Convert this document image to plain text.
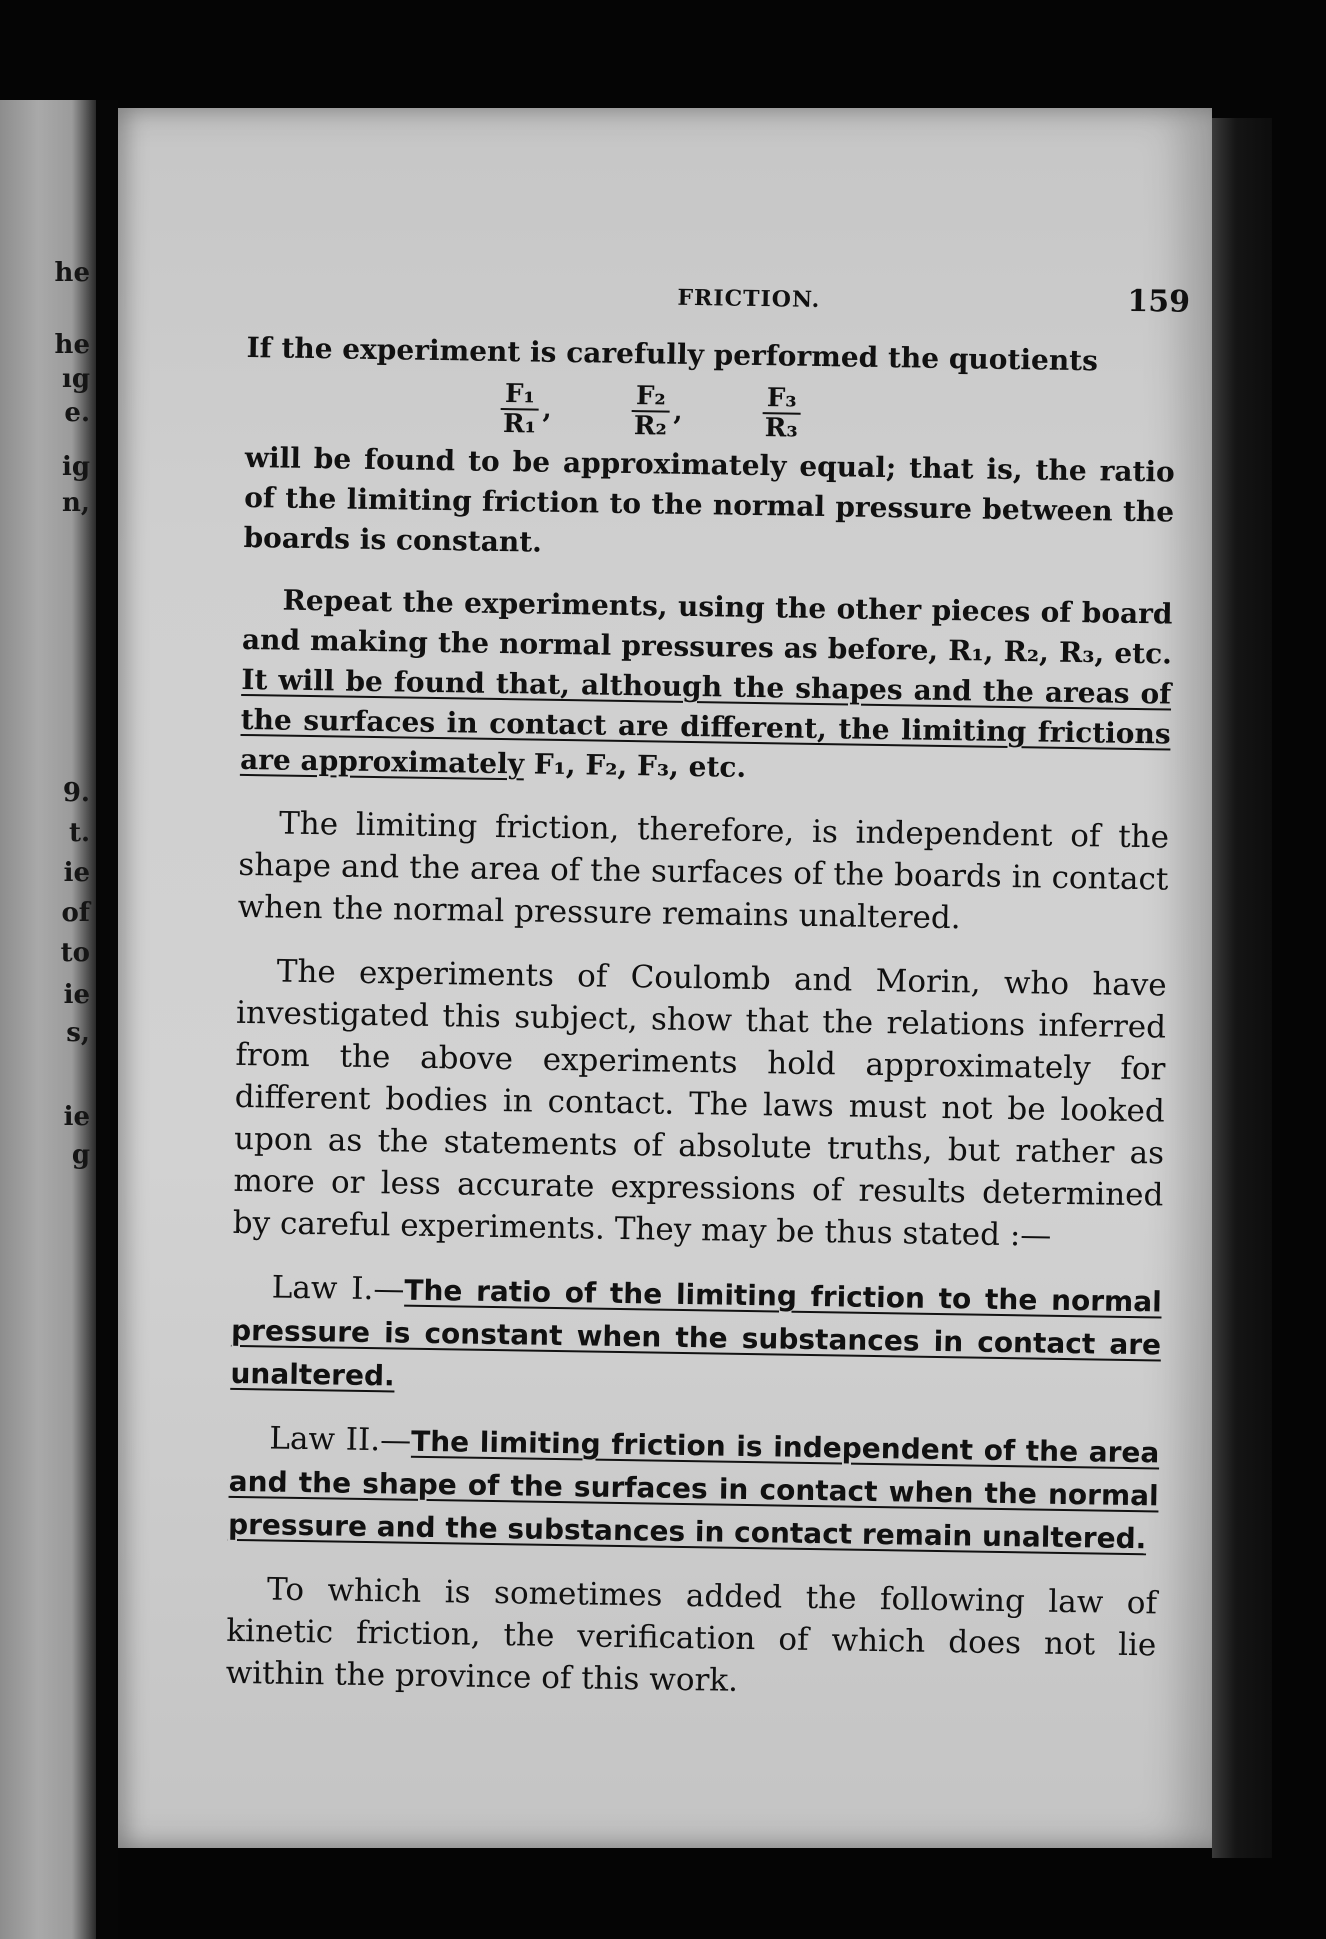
he
he
ıg
e.
ig
n,
9.
t.
ie
of
to
ie
s,
ie
g
FRICTION.	159

If the experiment is carefully performed the quotients

$\frac{\text{F₁}}{\text{R₁}}$ ,	$\frac{\text{F₂}}{\text{R₂}}$ ,	$\frac{\text{F₃}}{\text{R₃}}$

will be found to be approximately equal; that is, the ratio of the limiting friction to the normal pressure between the boards is constant.

Repeat the experiments, using the other pieces of board and making the normal pressures as before, R₁, R₂, R₃, etc. It will be found that, although the shapes and the areas of the surfaces in contact are different, the limiting frictions are approximately F₁, F₂, F₃, etc.

The limiting friction, therefore, is independent of the shape and the area of the surfaces of the boards in contact when the normal pressure remains unaltered.

The experiments of Coulomb and Morin, who have investigated this subject, show that the relations inferred from the above experiments hold approximately for different bodies in contact. The laws must not be looked upon as the statements of absolute truths, but rather as more or less accurate expressions of results determined by careful experiments. They may be thus stated :—

Law I.—The ratio of the limiting friction to the normal pressure is constant when the substances in contact are unaltered.

Law II.—The limiting friction is independent of the area and the shape of the surfaces in contact when the normal pressure and the substances in contact remain unaltered.

To which is sometimes added the following law of kinetic friction, the verification of which does not lie within the province of this work.
